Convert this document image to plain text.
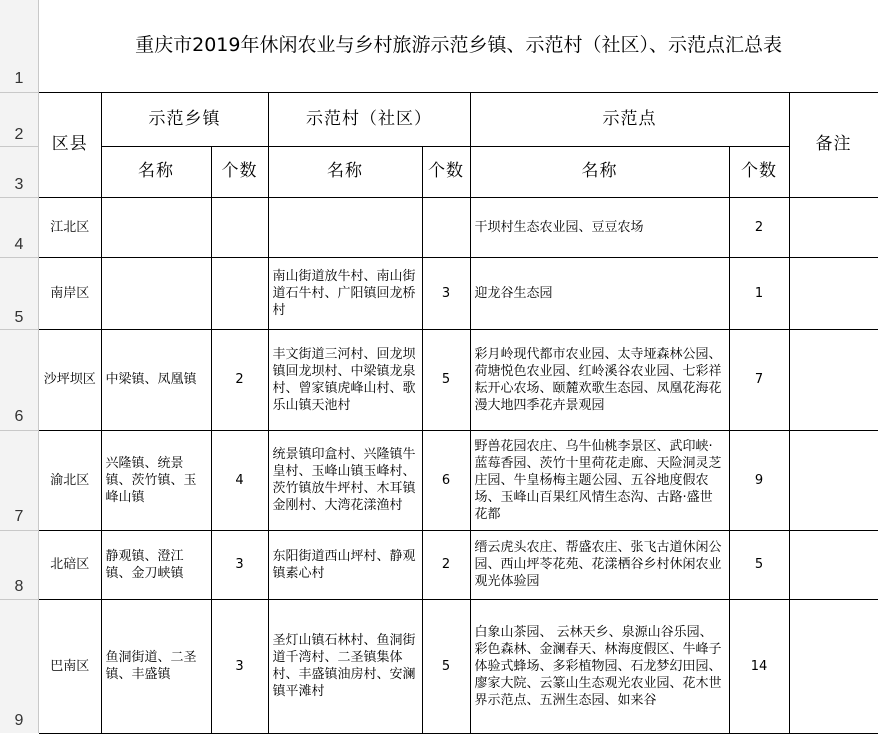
1
2
3
4
5
6
7
8
9
重庆市2019年休闲农业与乡村旅游示范乡镇、示范村（社区）、示范点汇总表							
区县	示范乡镇		示范村（社区）		示范点		备注
	名称	个数	名称	个数	名称	个数	
江北区					干坝村生态农业园、豆豆农场	2	
南岸区			南山街道放牛村、南山街道石牛村、广阳镇回龙桥村	3	迎龙谷生态园	1	
沙坪坝区	中梁镇、凤凰镇	2	丰文街道三河村、回龙坝镇回龙坝村、中梁镇龙泉村、曾家镇虎峰山村、歌乐山镇天池村	5	彩月岭现代都市农业园、太寺垭森林公园、荷塘悦色农业园、红岭溪谷农业园、七彩祥耘开心农场、颐麓欢歌生态园、凤凰花海花漫大地四季花卉景观园	7	
渝北区	兴隆镇、统景镇、茨竹镇、玉峰山镇	4	统景镇印盒村、兴隆镇牛皇村、玉峰山镇玉峰村、茨竹镇放牛坪村、木耳镇金刚村、大湾花漾渔村	6	野兽花园农庄、乌牛仙桃李景区、武印峡·蓝莓香园、茨竹十里荷花走廊、天险洞灵芝庄园、牛皇杨梅主题公园、五谷地度假农场、玉峰山百果红风情生态沟、古路·盛世花都	9	
北碚区	静观镇、澄江镇、金刀峡镇	3	东阳街道西山坪村、静观镇素心村	2	缙云虎头农庄、帮盛农庄、张飞古道休闲公园、西山坪苓花苑、花漾栖谷乡村休闲农业观光体验园	5	
巴南区	鱼洞街道、二圣镇、丰盛镇	3	圣灯山镇石林村、鱼洞街道千湾村、二圣镇集体村、丰盛镇油房村、安澜镇平滩村	5	白象山茶园、 云林天乡、泉源山谷乐园、彩色森林、金澜春天、林海度假区、牛峰子体验式蜂场、多彩植物园、石龙梦幻田园、廖家大院、云篆山生态观光农业园、花木世界示范点、五洲生态园、如来谷	14	
